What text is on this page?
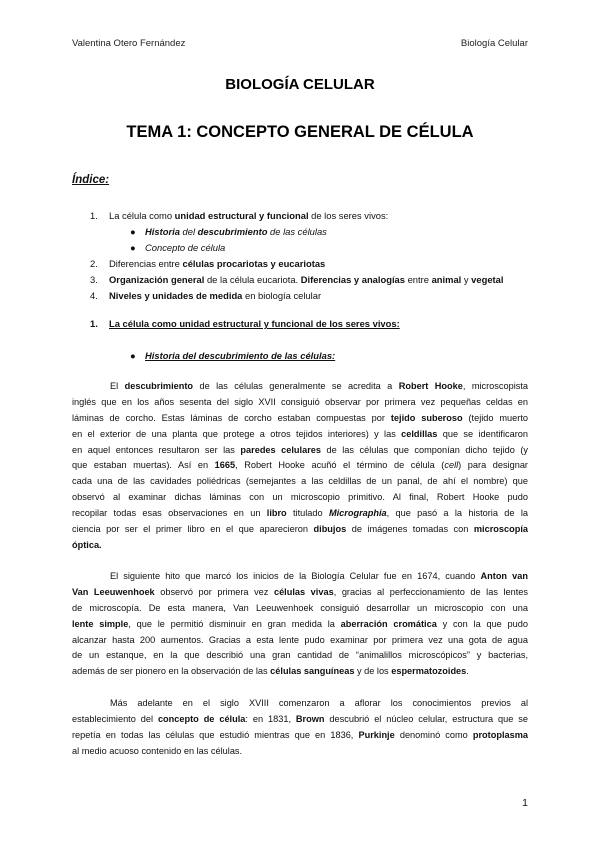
Valentina Otero Fernández	Biología Celular
BIOLOGÍA CELULAR
TEMA 1: CONCEPTO GENERAL DE CÉLULA
Índice:
1. La célula como unidad estructural y funcional de los seres vivos:
● Historia del descubrimiento de las células
● Concepto de célula
2. Diferencias entre células procariotas y eucariotas
3. Organización general de la célula eucariota. Diferencias y analogías entre animal y vegetal
4. Niveles y unidades de medida en biología celular
1. La célula como unidad estructural y funcional de los seres vivos:
● Historia del descubrimiento de las células:
El descubrimiento de las células generalmente se acredita a Robert Hooke, microscopista
inglés que en los años sesenta del siglo XVII consiguió observar por primera vez pequeñas celdas en
láminas de corcho. Estas láminas de corcho estaban compuestas por tejido suberoso (tejido muerto
en el exterior de una planta que protege a otros tejidos interiores) y las celdillas que se identificaron
en aquel entonces resultaron ser las paredes celulares de las células que componían dicho tejido (y
que estaban muertas). Así en 1665, Robert Hooke acuñó el término de célula (cell) para designar
cada una de las cavidades poliédricas (semejantes a las celdillas de un panal, de ahí el nombre) que
observó al examinar dichas láminas con un microscopio primitivo. Al final, Robert Hooke pudo
recopilar todas esas observaciones en un libro titulado Micrographia, que pasó a la historia de la
ciencia por ser el primer libro en el que aparecieron dibujos de imágenes tomadas con microscopía
óptica.
El siguiente hito que marcó los inicios de la Biología Celular fue en 1674, cuando Anton van
Van Leeuwenhoek observó por primera vez células vivas, gracias al perfeccionamiento de las lentes
de microscopía. De esta manera, Van Leeuwenhoek consiguió desarrollar un microscopio con una
lente simple, que le permitió disminuir en gran medida la aberración cromática y con la que pudo
alcanzar hasta 200 aumentos. Gracias a esta lente pudo examinar por primera vez una gota de agua
de un estanque, en la que describió una gran cantidad de “animalillos microscópicos” y bacterias,
además de ser pionero en la observación de las células sanguíneas y de los espermatozoides.
Más adelante en el siglo XVIII comenzaron a aflorar los conocimientos previos al
establecimiento del concepto de célula: en 1831, Brown descubrió el núcleo celular, estructura que se
repetía en todas las células que estudió mientras que en 1836, Purkinje denominó como protoplasma
al medio acuoso contenido en las células.
1
